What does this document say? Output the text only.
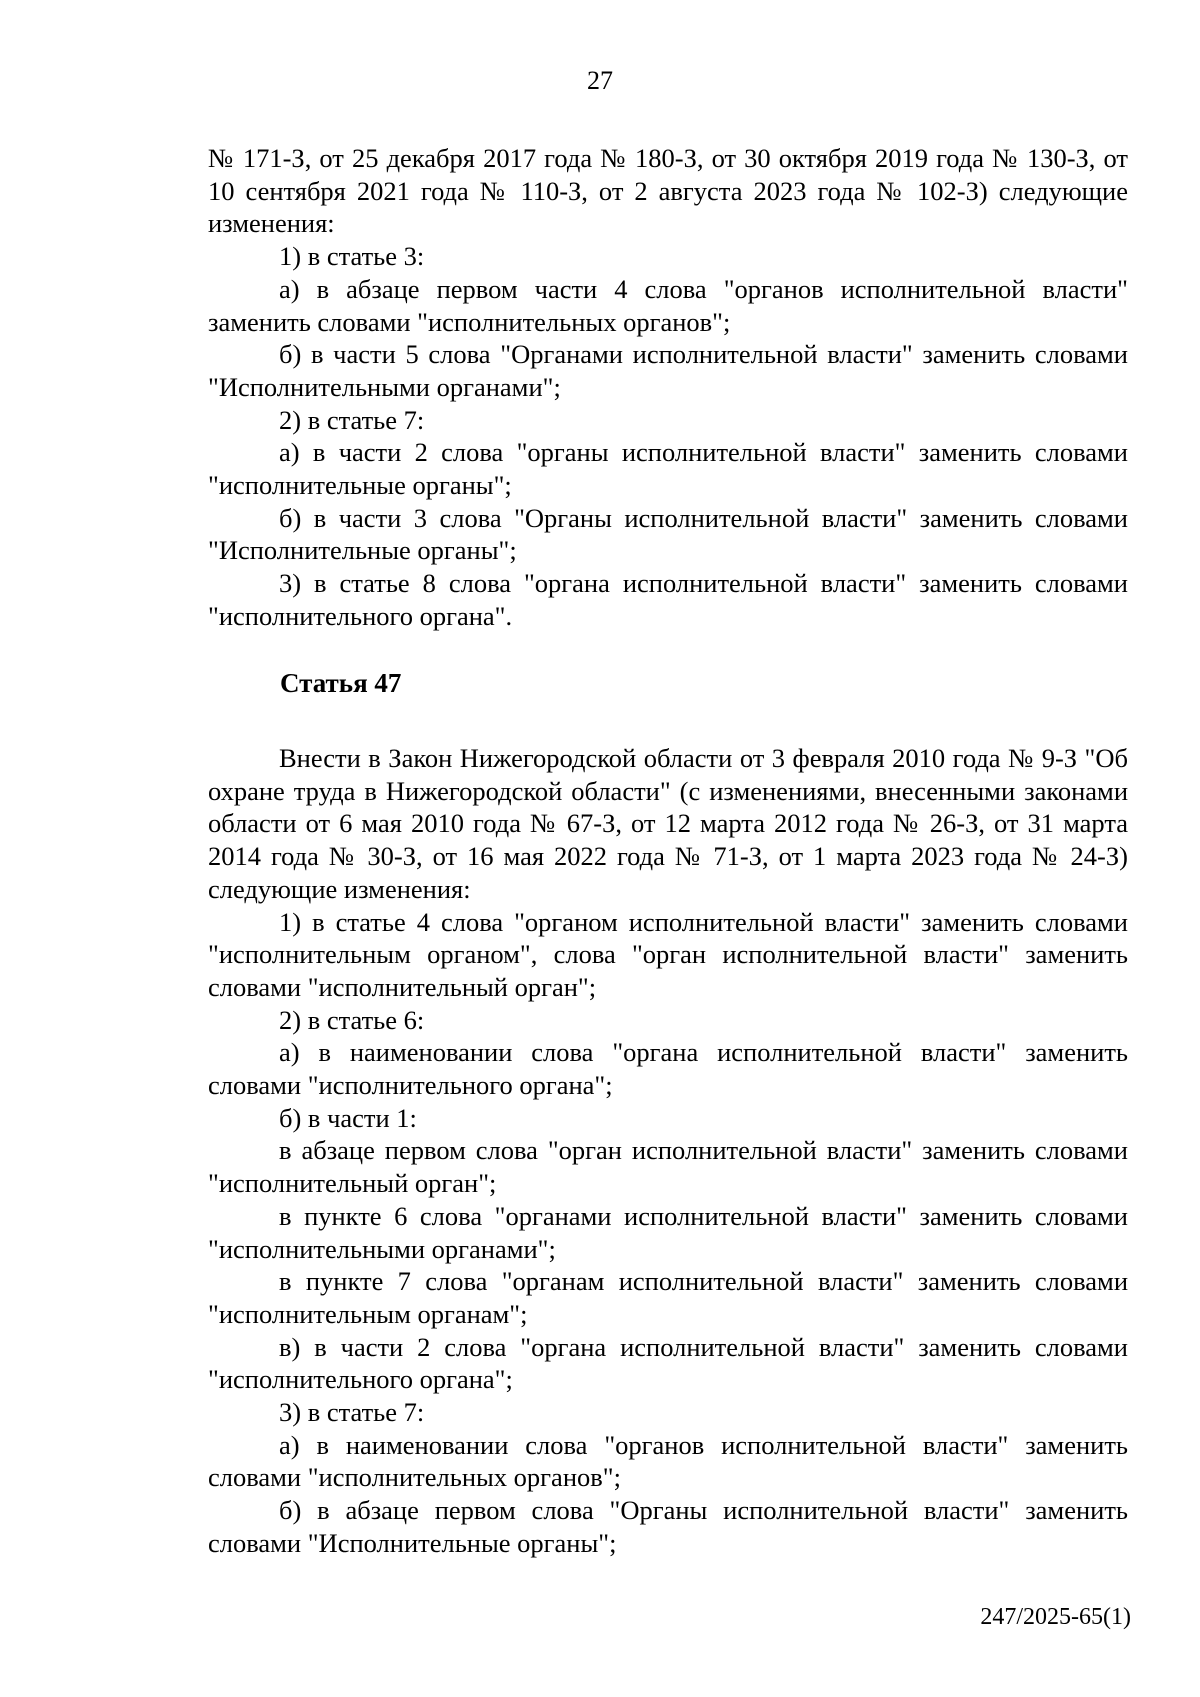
27

№ 171-З, от 25 декабря 2017 года № 180-З, от 30 октября 2019 года № 130-З, от 10 сентября 2021 года № 110-З, от 2 августа 2023 года № 102-З) следующие изменения:

1) в статье 3:

а) в абзаце первом части 4 слова "органов исполнительной власти" заменить словами "исполнительных органов";

б) в части 5 слова "Органами исполнительной власти" заменить словами "Исполнительными органами";

2) в статье 7:

а) в части 2 слова "органы исполнительной власти" заменить словами "исполнительные органы";

б) в части 3 слова "Органы исполнительной власти" заменить словами "Исполнительные органы";

3) в статье 8 слова "органа исполнительной власти" заменить словами "исполнительного органа".

Статья 47

Внести в Закон Нижегородской области от 3 февраля 2010 года № 9-З "Об охране труда в Нижегородской области" (с изменениями, внесенными законами области от 6 мая 2010 года № 67-З, от 12 марта 2012 года № 26-З, от 31 марта 2014 года № 30-З, от 16 мая 2022 года № 71-З, от 1 марта 2023 года № 24-З) следующие изменения:

1) в статье 4 слова "органом исполнительной власти" заменить словами "исполнительным органом", слова "орган исполнительной власти" заменить словами "исполнительный орган";

2) в статье 6:

а) в наименовании слова "органа исполнительной власти" заменить словами "исполнительного органа";

б) в части 1:

в абзаце первом слова "орган исполнительной власти" заменить словами "исполнительный орган";

в пункте 6 слова "органами исполнительной власти" заменить словами "исполнительными органами";

в пункте 7 слова "органам исполнительной власти" заменить словами "исполнительным органам";

в) в части 2 слова "органа исполнительной власти" заменить словами "исполнительного органа";

3) в статье 7:

а) в наименовании слова "органов исполнительной власти" заменить словами "исполнительных органов";

б) в абзаце первом слова "Органы исполнительной власти" заменить словами "Исполнительные органы";

247/2025-65(1)
